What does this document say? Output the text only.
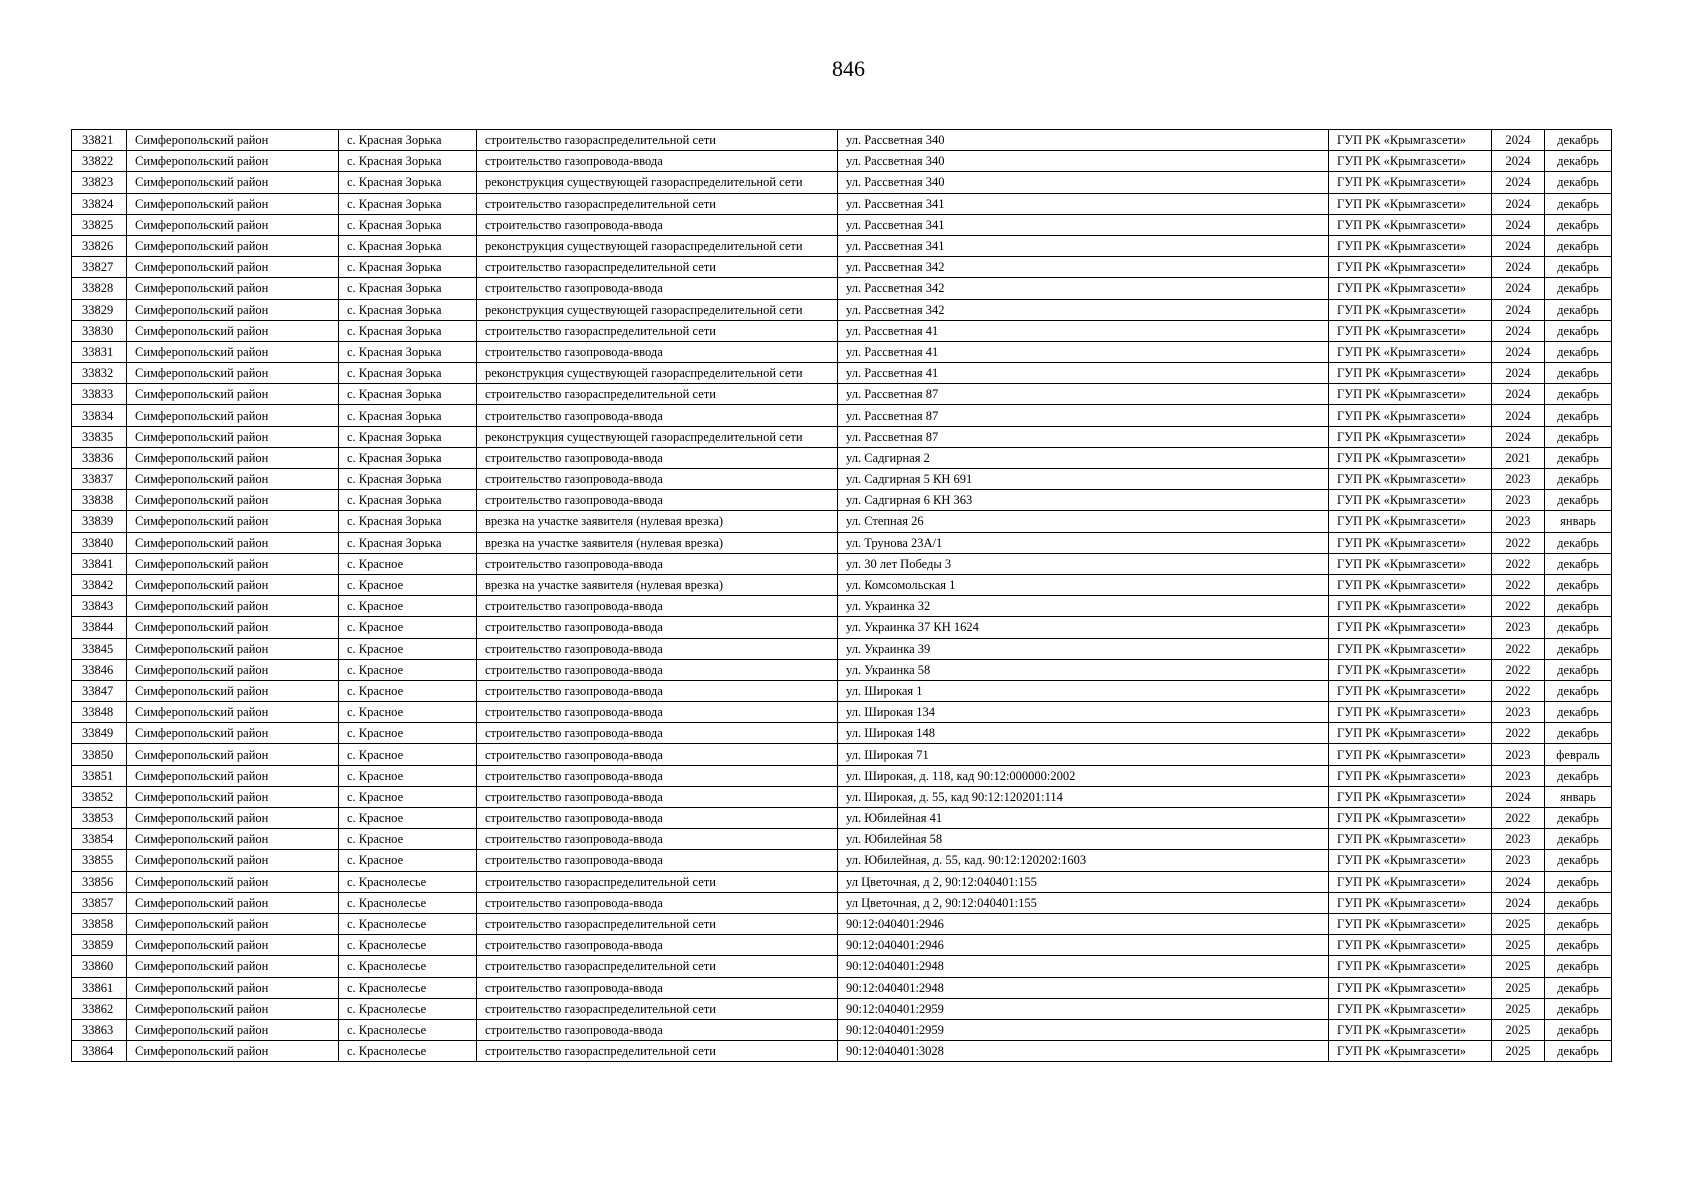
846
33821	Симферопольский район	с. Красная Зорька	строительство газораспределительной сети	ул. Рассветная 340	ГУП РК «Крымгазсети»	2024	декабрь
33822	Симферопольский район	с. Красная Зорька	строительство газопровода-ввода	ул. Рассветная 340	ГУП РК «Крымгазсети»	2024	декабрь
33823	Симферопольский район	с. Красная Зорька	реконструкция существующей газораспределительной сети	ул. Рассветная 340	ГУП РК «Крымгазсети»	2024	декабрь
33824	Симферопольский район	с. Красная Зорька	строительство газораспределительной сети	ул. Рассветная 341	ГУП РК «Крымгазсети»	2024	декабрь
33825	Симферопольский район	с. Красная Зорька	строительство газопровода-ввода	ул. Рассветная 341	ГУП РК «Крымгазсети»	2024	декабрь
33826	Симферопольский район	с. Красная Зорька	реконструкция существующей газораспределительной сети	ул. Рассветная 341	ГУП РК «Крымгазсети»	2024	декабрь
33827	Симферопольский район	с. Красная Зорька	строительство газораспределительной сети	ул. Рассветная 342	ГУП РК «Крымгазсети»	2024	декабрь
33828	Симферопольский район	с. Красная Зорька	строительство газопровода-ввода	ул. Рассветная 342	ГУП РК «Крымгазсети»	2024	декабрь
33829	Симферопольский район	с. Красная Зорька	реконструкция существующей газораспределительной сети	ул. Рассветная 342	ГУП РК «Крымгазсети»	2024	декабрь
33830	Симферопольский район	с. Красная Зорька	строительство газораспределительной сети	ул. Рассветная 41	ГУП РК «Крымгазсети»	2024	декабрь
33831	Симферопольский район	с. Красная Зорька	строительство газопровода-ввода	ул. Рассветная 41	ГУП РК «Крымгазсети»	2024	декабрь
33832	Симферопольский район	с. Красная Зорька	реконструкция существующей газораспределительной сети	ул. Рассветная 41	ГУП РК «Крымгазсети»	2024	декабрь
33833	Симферопольский район	с. Красная Зорька	строительство газораспределительной сети	ул. Рассветная 87	ГУП РК «Крымгазсети»	2024	декабрь
33834	Симферопольский район	с. Красная Зорька	строительство газопровода-ввода	ул. Рассветная 87	ГУП РК «Крымгазсети»	2024	декабрь
33835	Симферопольский район	с. Красная Зорька	реконструкция существующей газораспределительной сети	ул. Рассветная 87	ГУП РК «Крымгазсети»	2024	декабрь
33836	Симферопольский район	с. Красная Зорька	строительство газопровода-ввода	ул. Садгирная 2	ГУП РК «Крымгазсети»	2021	декабрь
33837	Симферопольский район	с. Красная Зорька	строительство газопровода-ввода	ул. Садгирная 5 КН 691	ГУП РК «Крымгазсети»	2023	декабрь
33838	Симферопольский район	с. Красная Зорька	строительство газопровода-ввода	ул. Садгирная 6 КН 363	ГУП РК «Крымгазсети»	2023	декабрь
33839	Симферопольский район	с. Красная Зорька	врезка на участке заявителя (нулевая врезка)	ул. Степная 26	ГУП РК «Крымгазсети»	2023	январь
33840	Симферопольский район	с. Красная Зорька	врезка на участке заявителя (нулевая врезка)	ул. Трунова 23А/1	ГУП РК «Крымгазсети»	2022	декабрь
33841	Симферопольский район	с. Красное	строительство газопровода-ввода	ул. 30 лет Победы 3	ГУП РК «Крымгазсети»	2022	декабрь
33842	Симферопольский район	с. Красное	врезка на участке заявителя (нулевая врезка)	ул. Комсомольская 1	ГУП РК «Крымгазсети»	2022	декабрь
33843	Симферопольский район	с. Красное	строительство газопровода-ввода	ул. Украинка 32	ГУП РК «Крымгазсети»	2022	декабрь
33844	Симферопольский район	с. Красное	строительство газопровода-ввода	ул. Украинка 37 КН 1624	ГУП РК «Крымгазсети»	2023	декабрь
33845	Симферопольский район	с. Красное	строительство газопровода-ввода	ул. Украинка 39	ГУП РК «Крымгазсети»	2022	декабрь
33846	Симферопольский район	с. Красное	строительство газопровода-ввода	ул. Украинка 58	ГУП РК «Крымгазсети»	2022	декабрь
33847	Симферопольский район	с. Красное	строительство газопровода-ввода	ул. Широкая 1	ГУП РК «Крымгазсети»	2022	декабрь
33848	Симферопольский район	с. Красное	строительство газопровода-ввода	ул. Широкая 134	ГУП РК «Крымгазсети»	2023	декабрь
33849	Симферопольский район	с. Красное	строительство газопровода-ввода	ул. Широкая 148	ГУП РК «Крымгазсети»	2022	декабрь
33850	Симферопольский район	с. Красное	строительство газопровода-ввода	ул. Широкая 71	ГУП РК «Крымгазсети»	2023	февраль
33851	Симферопольский район	с. Красное	строительство газопровода-ввода	ул. Широкая, д. 118, кад 90:12:000000:2002	ГУП РК «Крымгазсети»	2023	декабрь
33852	Симферопольский район	с. Красное	строительство газопровода-ввода	ул. Широкая, д. 55, кад 90:12:120201:114	ГУП РК «Крымгазсети»	2024	январь
33853	Симферопольский район	с. Красное	строительство газопровода-ввода	ул. Юбилейная 41	ГУП РК «Крымгазсети»	2022	декабрь
33854	Симферопольский район	с. Красное	строительство газопровода-ввода	ул. Юбилейная 58	ГУП РК «Крымгазсети»	2023	декабрь
33855	Симферопольский район	с. Красное	строительство газопровода-ввода	ул. Юбилейная, д. 55, кад. 90:12:120202:1603	ГУП РК «Крымгазсети»	2023	декабрь
33856	Симферопольский район	с. Краснолесье	строительство газораспределительной сети	ул Цветочная, д 2, 90:12:040401:155	ГУП РК «Крымгазсети»	2024	декабрь
33857	Симферопольский район	с. Краснолесье	строительство газопровода-ввода	ул Цветочная, д 2, 90:12:040401:155	ГУП РК «Крымгазсети»	2024	декабрь
33858	Симферопольский район	с. Краснолесье	строительство газораспределительной сети	90:12:040401:2946	ГУП РК «Крымгазсети»	2025	декабрь
33859	Симферопольский район	с. Краснолесье	строительство газопровода-ввода	90:12:040401:2946	ГУП РК «Крымгазсети»	2025	декабрь
33860	Симферопольский район	с. Краснолесье	строительство газораспределительной сети	90:12:040401:2948	ГУП РК «Крымгазсети»	2025	декабрь
33861	Симферопольский район	с. Краснолесье	строительство газопровода-ввода	90:12:040401:2948	ГУП РК «Крымгазсети»	2025	декабрь
33862	Симферопольский район	с. Краснолесье	строительство газораспределительной сети	90:12:040401:2959	ГУП РК «Крымгазсети»	2025	декабрь
33863	Симферопольский район	с. Краснолесье	строительство газопровода-ввода	90:12:040401:2959	ГУП РК «Крымгазсети»	2025	декабрь
33864	Симферопольский район	с. Краснолесье	строительство газораспределительной сети	90:12:040401:3028	ГУП РК «Крымгазсети»	2025	декабрь
